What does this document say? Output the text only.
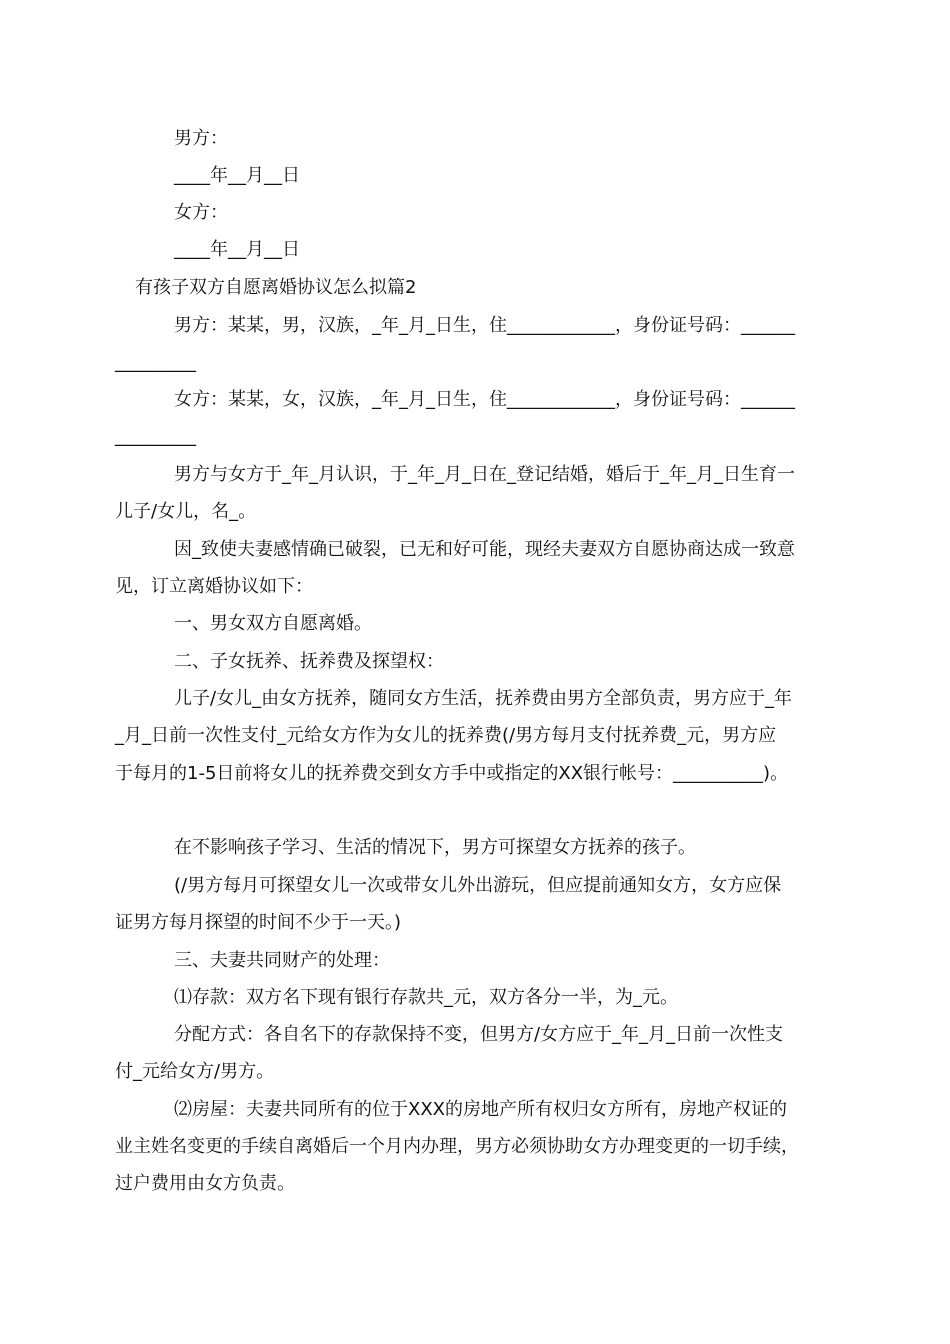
男方：

____年__月__日

女方：

____年__月__日

有孩子双方自愿离婚协议怎么拟篇2

男方：某某，男，汉族，_年_月_日生，住____________，身份证号码：______

_________

女方：某某，女，汉族，_年_月_日生，住____________，身份证号码：______

_________

男方与女方于_年_月认识，于_年_月_日在_登记结婚，婚后于_年_月_日生育一

儿子/女儿，名_。

因_致使夫妻感情确已破裂，已无和好可能，现经夫妻双方自愿协商达成一致意

见，订立离婚协议如下：

一、男女双方自愿离婚。

二、子女抚养、抚养费及探望权：

儿子/女儿_由女方抚养，随同女方生活，抚养费由男方全部负责，男方应于_年

_月_日前一次性支付_元给女方作为女儿的抚养费(/男方每月支付抚养费_元，男方应

于每月的1-5日前将女儿的抚养费交到女方手中或指定的XX银行帐号：__________)。

在不影响孩子学习、生活的情况下，男方可探望女方抚养的孩子。

(/男方每月可探望女儿一次或带女儿外出游玩，但应提前通知女方，女方应保

证男方每月探望的时间不少于一天。)

三、夫妻共同财产的处理：

⑴存款：双方名下现有银行存款共_元，双方各分一半，为_元。

分配方式：各自名下的存款保持不变，但男方/女方应于_年_月_日前一次性支

付_元给女方/男方。

⑵房屋：夫妻共同所有的位于XXX的房地产所有权归女方所有，房地产权证的

业主姓名变更的手续自离婚后一个月内办理，男方必须协助女方办理变更的一切手续，

过户费用由女方负责。
